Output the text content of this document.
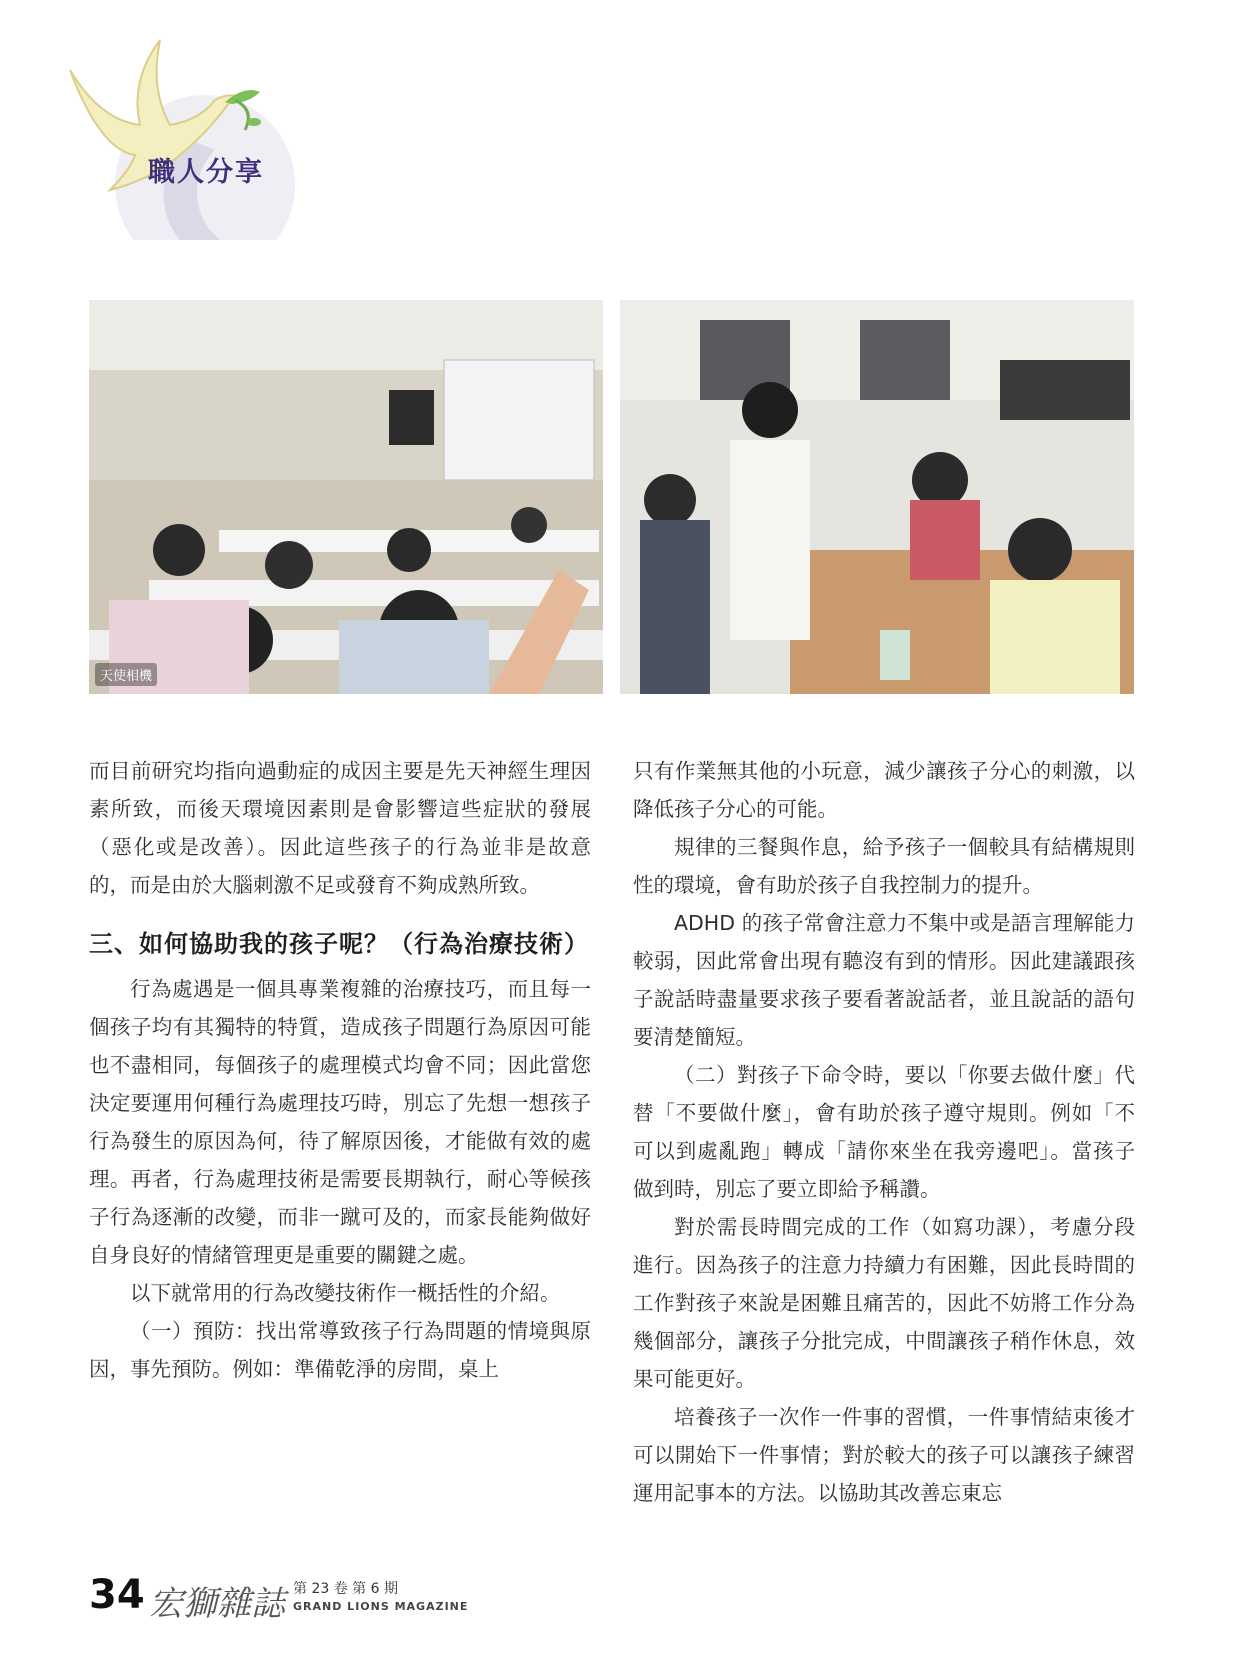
職人分享
天使相機

而目前研究均指向過動症的成因主要是先天神經生理因素所致，而後天環境因素則是會影響這些症狀的發展（惡化或是改善）。因此這些孩子的行為並非是故意的，而是由於大腦刺激不足或發育不夠成熟所致。

三、如何協助我的孩子呢？（行為治療技術）

行為處遇是一個具專業複雜的治療技巧，而且每一個孩子均有其獨特的特質，造成孩子問題行為原因可能也不盡相同，每個孩子的處理模式均會不同；因此當您決定要運用何種行為處理技巧時，別忘了先想一想孩子行為發生的原因為何，待了解原因後，才能做有效的處理。再者，行為處理技術是需要長期執行，耐心等候孩子行為逐漸的改變，而非一蹴可及的，而家長能夠做好自身良好的情緒管理更是重要的關鍵之處。

以下就常用的行為改變技術作一概括性的介紹。

（一）預防：找出常導致孩子行為問題的情境與原因，事先預防。例如：準備乾淨的房間，桌上

只有作業無其他的小玩意，減少讓孩子分心的刺激，以降低孩子分心的可能。

規律的三餐與作息，給予孩子一個較具有結構規則性的環境，會有助於孩子自我控制力的提升。

ADHD 的孩子常會注意力不集中或是語言理解能力較弱，因此常會出現有聽沒有到的情形。因此建議跟孩子說話時盡量要求孩子要看著說話者，並且說話的語句要清楚簡短。

（二）對孩子下命令時，要以「你要去做什麼」代替「不要做什麼」，會有助於孩子遵守規則。例如「不可以到處亂跑」轉成「請你來坐在我旁邊吧」。當孩子做到時，別忘了要立即給予稱讚。

對於需長時間完成的工作（如寫功課），考慮分段進行。因為孩子的注意力持續力有困難，因此長時間的工作對孩子來說是困難且痛苦的，因此不妨將工作分為幾個部分，讓孩子分批完成，中間讓孩子稍作休息，效果可能更好。

培養孩子一次作一件事的習慣，一件事情結束後才可以開始下一件事情；對於較大的孩子可以讓孩子練習運用記事本的方法。以協助其改善忘東忘

34 宏獅雜誌 第 23 卷 第 6 期
GRAND LIONS MAGAZINE
